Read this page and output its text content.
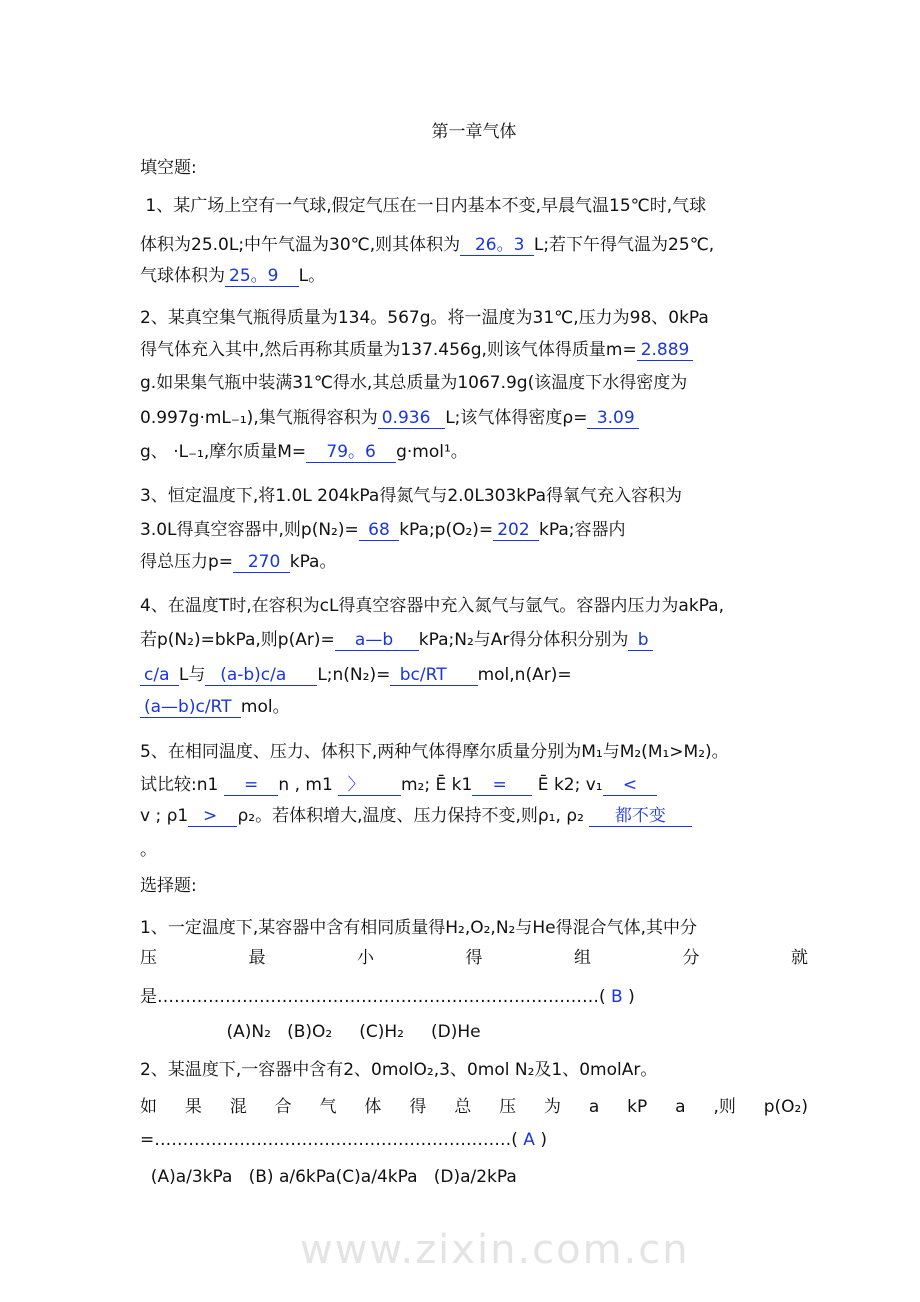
www.zixin.com.cn
第一章气体
填空题:
1、某广场上空有一气球,假定气压在一日内基本不变,早晨气温15℃时,气球
体积为25.0L;中午气温为30℃,则其体积为  26。3 L;若下午得气温为25℃,
气球体积为 25。9   L。
2、某真空集气瓶得质量为134。567g。将一温度为31℃,压力为98、0kPa
得气体充入其中,然后再称其质量为137.456g,则该气体得质量m= 2.889
g.如果集气瓶中装满31℃得水,其总质量为1067.9g(该温度下水得密度为
0.997g·mL₋₁),集气瓶得容积为 0.936  L;该气体得密度ρ= 3.09
g、 ·L₋₁,摩尔质量M=   79。6   g·mol¹。
3、恒定温度下,将1.0L 204kPa得氮气与2.0L303kPa得氧气充入容积为
3.0L得真空容器中,则p(N₂)= 68 kPa;p(O₂)= 202 kPa;容器内
得总压力p=  270 kPa。
4、在温度T时,在容积为cL得真空容器中充入氮气与氩气。容器内压力为akPa,
若p(N₂)=bkPa,则p(Ar)=   a—b    kPa;N₂与Ar得分体积分别为 b
c/a L与  (a-b)c/a     L;n(N₂)= bc/RT     mol,n(Ar)=
(a—b)c/RT mol。
5、在相同温度、压力、体积下,两种气体得摩尔质量分别为M₁与M₂(M₁>M₂)。
试比较:n1    =   n , m1  〉      m₂; Ē k1   =     Ē k2; v₁   <
v ; ρ1  >   ρ₂。若体积增大,温度、压力保持不变,则ρ₁, ρ₂     都不变
。
选择题:
1、一定温度下,某容器中含有相同质量得H₂,O₂,N₂与He得混合气体,其中分
压 最 小 得 组 分 就
是……………………………………………………………………( B )
(A)N₂   (B)O₂     (C)H₂     (D)He
2、某温度下,一容器中含有2、0molO₂,3、0mol N₂及1、0molAr。
如 果 混 合 气 体 得 总 压 为 a kP a ,则 p(O₂)
=………………………………………………………( A )
(A)a/3kPa   (B) a/6kPa(C)a/4kPa   (D)a/2kPa
